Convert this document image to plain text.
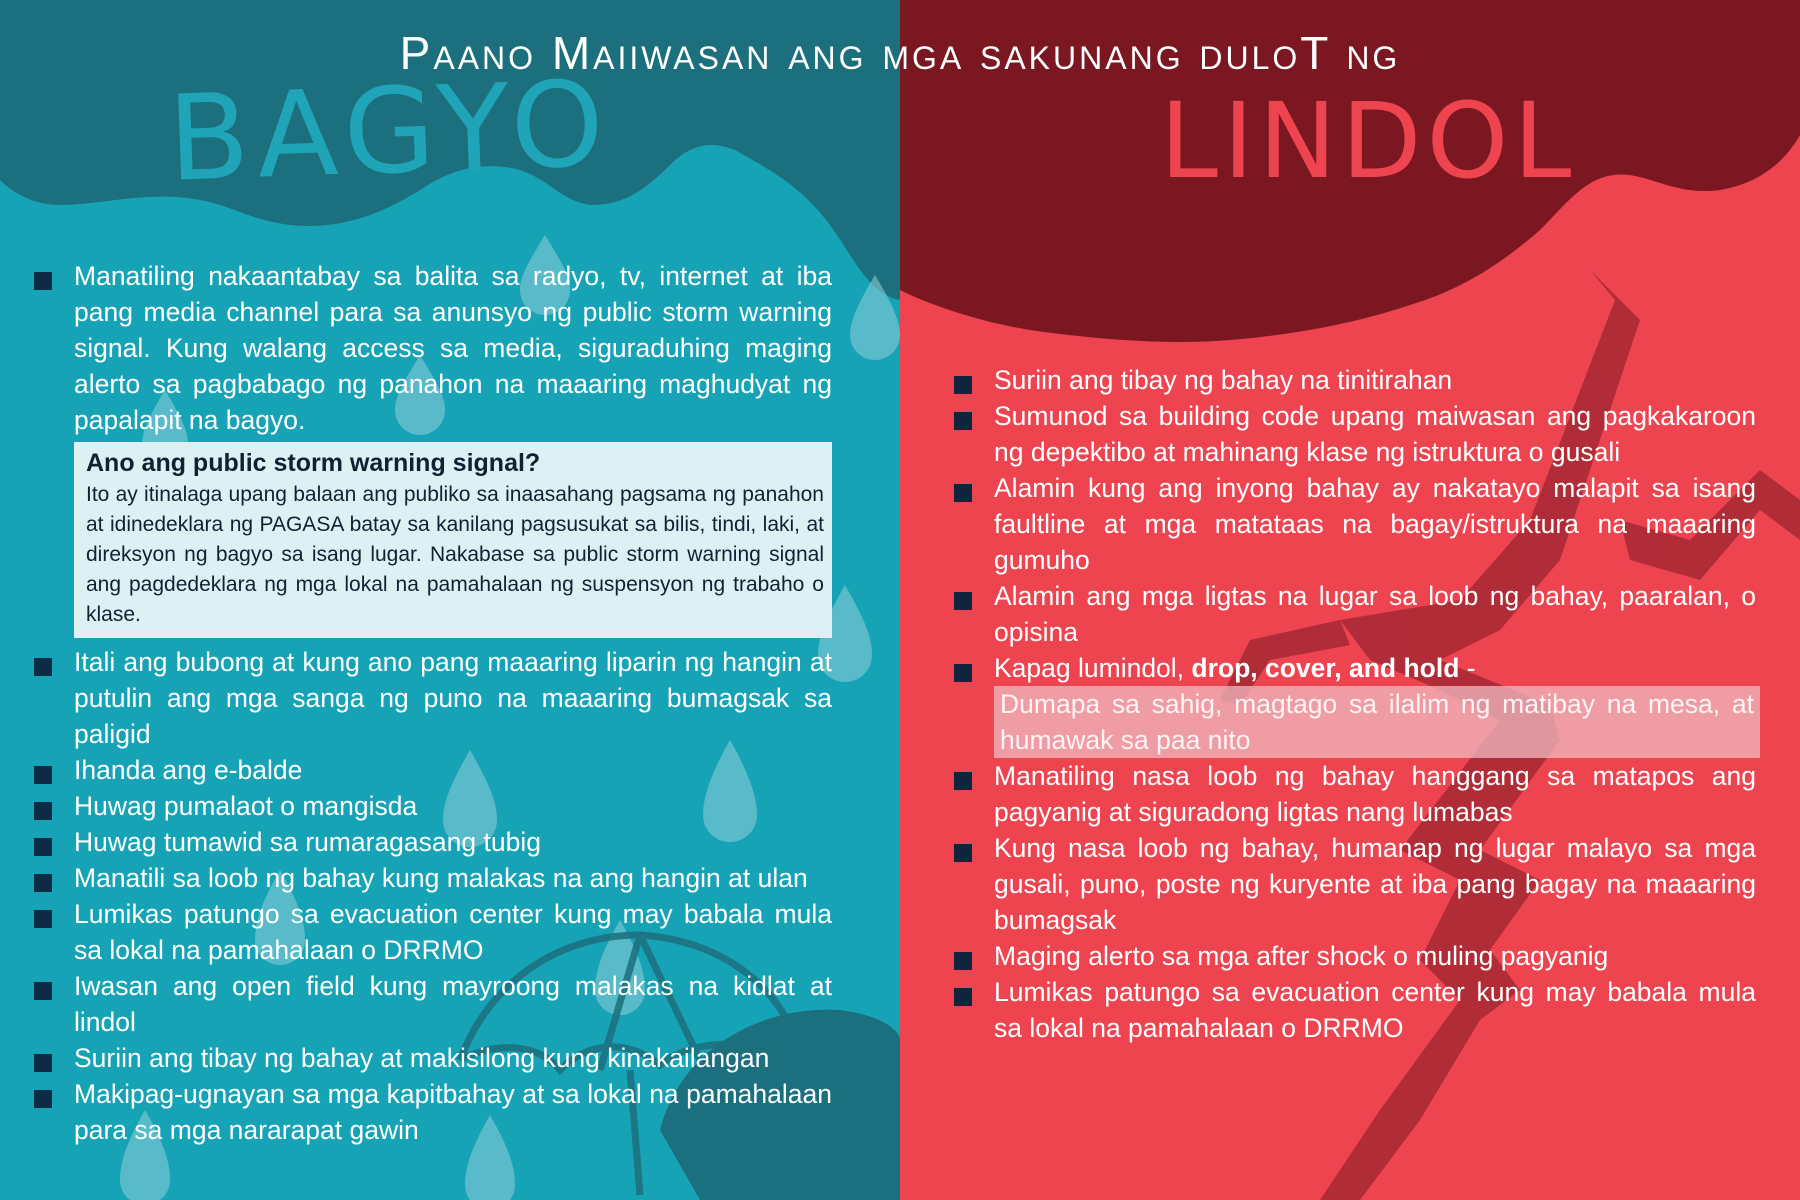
Paano Maiiwasan ang mga sakunang duloT ng
BAGYO	LINDOL
Manatiling nakaantabay sa balita sa radyo, tv, internet at iba pang media channel para sa anunsyo ng public storm warning signal. Kung walang access sa media, siguraduhing maging alerto sa pagbabago ng panahon na maaaring maghudyat ng papalapit na bagyo.
Ano ang public storm warning signal?

Ito ay itinalaga upang balaan ang publiko sa inaasahang pagsama ng panahon at idinedeklara ng PAGASA batay sa kanilang pagsusukat sa bilis, tindi, laki, at direksyon ng bagyo sa isang lugar. Nakabase sa public storm warning signal ang pagdedeklara ng mga lokal na pamahalaan ng suspensyon ng trabaho o klase.

Itali ang bubong at kung ano pang maaaring liparin ng hangin at putulin ang mga sanga ng puno na maaaring bumagsak sa paligid
Ihanda ang e-balde
Huwag pumalaot o mangisda
Huwag tumawid sa rumaragasang tubig
Manatili sa loob ng bahay kung malakas na ang hangin at ulan
Lumikas patungo sa evacuation center kung may babala mula sa lokal na pamahalaan o DRRMO
Iwasan ang open field kung mayroong malakas na kidlat at lindol
Suriin ang tibay ng bahay at makisilong kung kinakailangan
Makipag-ugnayan sa mga kapitbahay at sa lokal na pamahalaan para sa mga nararapat gawin
Suriin ang tibay ng bahay na tinitirahan
Sumunod sa building code upang maiwasan ang pagkakaroon ng depektibo at mahinang klase ng istruktura o gusali
Alamin kung ang inyong bahay ay nakatayo malapit sa isang faultline at mga matataas na bagay/istruktura na maaaring gumuho
Alamin ang mga ligtas na lugar sa loob ng bahay, paaralan, o opisina
Kapag lumindol, drop, cover, and hold -
Dumapa sa sahig, magtago sa ilalim ng matibay na mesa, at humawak sa paa nito
Manatiling nasa loob ng bahay hanggang sa matapos ang pagyanig at siguradong ligtas nang lumabas
Kung nasa loob ng bahay, humanap ng lugar malayo sa mga gusali, puno, poste ng kuryente at iba pang bagay na maaaring bumagsak
Maging alerto sa mga after shock o muling pagyanig
Lumikas patungo sa evacuation center kung may babala mula sa lokal na pamahalaan o DRRMO
